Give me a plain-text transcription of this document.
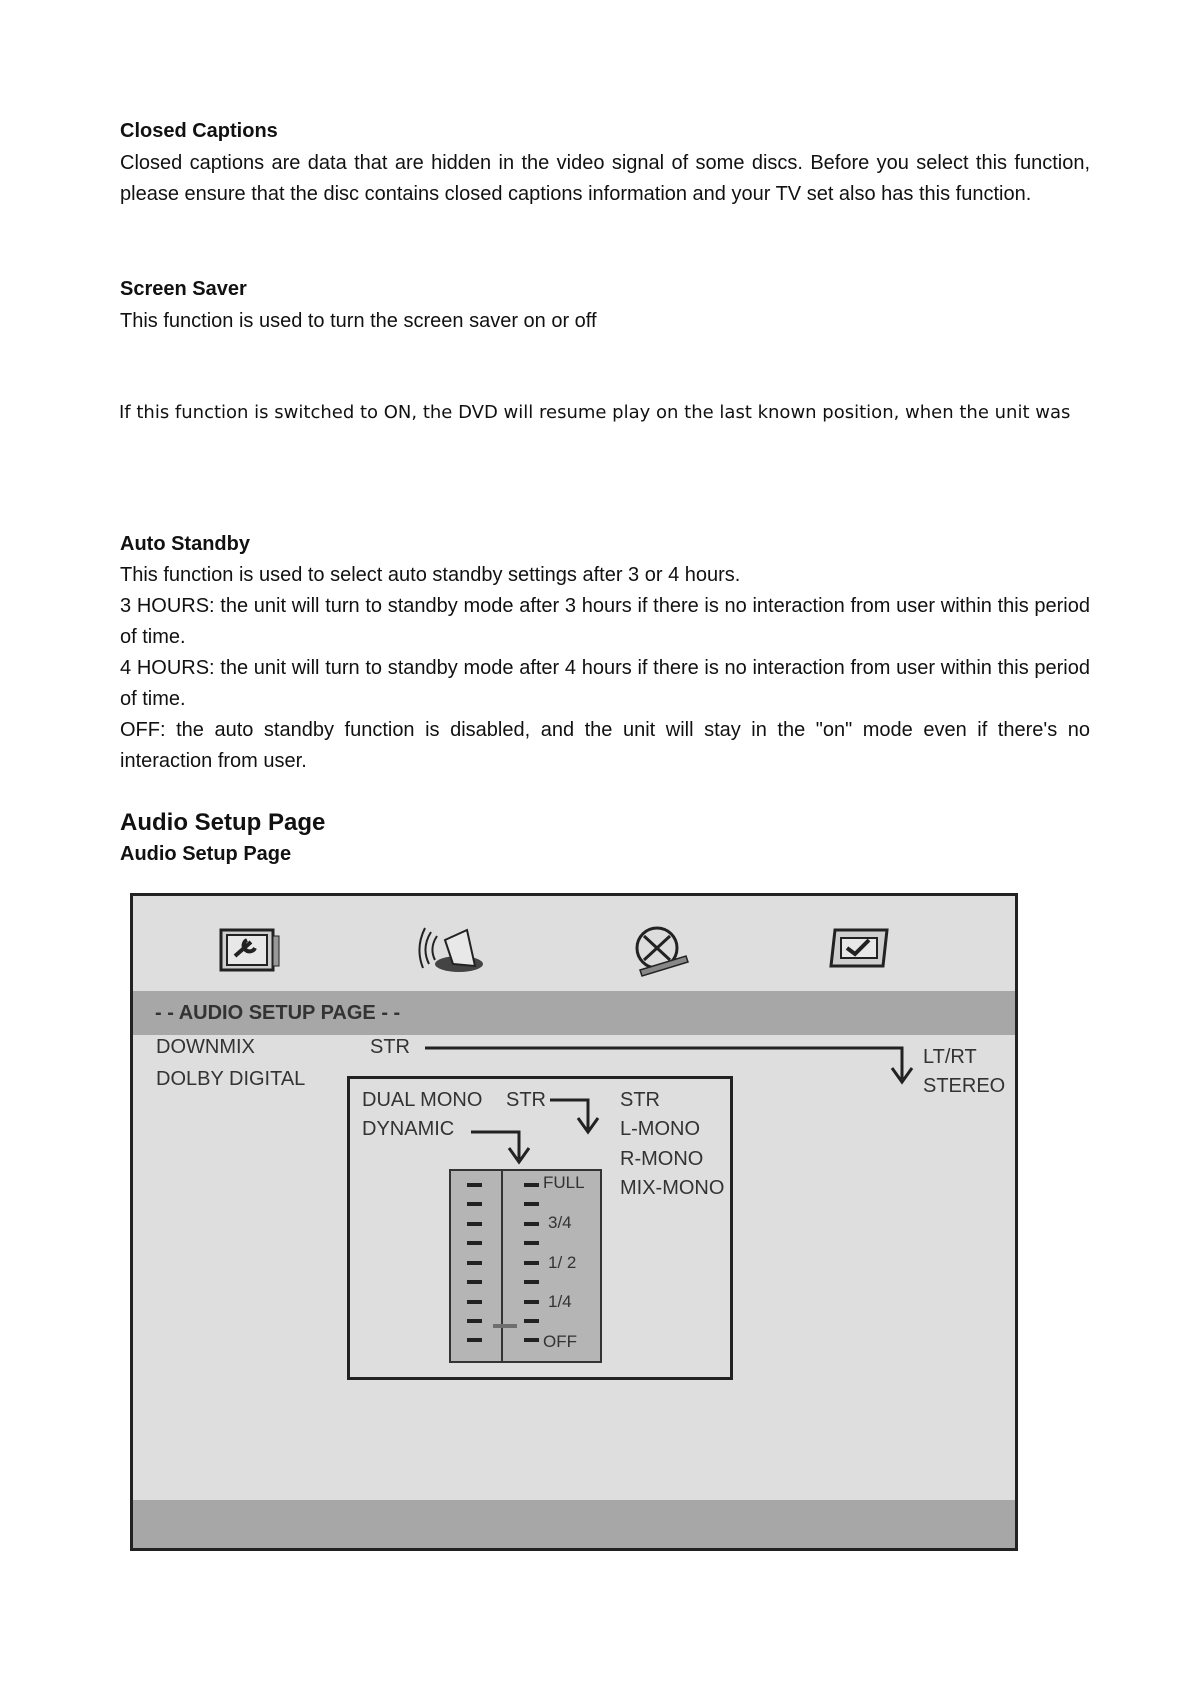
Closed Captions
Closed captions are data that are hidden in the video signal of some discs. Before you select this function, please ensure that the disc contains closed captions information and your TV set also has this function.
Screen Saver
This function is used to turn the screen saver on or off
If this function is switched to ON, the DVD will resume play on the last known position, when the unit was
Auto Standby
This function is used to select auto standby settings after 3 or 4 hours.
3 HOURS: the unit will turn to standby mode after 3 hours if there is no interaction from user within this period of time.
4 HOURS: the unit will turn to standby mode after 4 hours if there is no interaction from user within this period of time.
OFF: the auto standby function is disabled, and the unit will stay in the "on" mode even if there's no interaction from user.
Audio Setup Page
Audio Setup Page
- - AUDIO SETUP PAGE - -
DOWNMIX	STR	LT/RT
STEREO
DOLBY DIGITAL
DUAL MONO STR
DYNAMIC
STR
L-MONO
R-MONO
MIX-MONO
FULL
3/4
1/ 2
1/4
OFF
